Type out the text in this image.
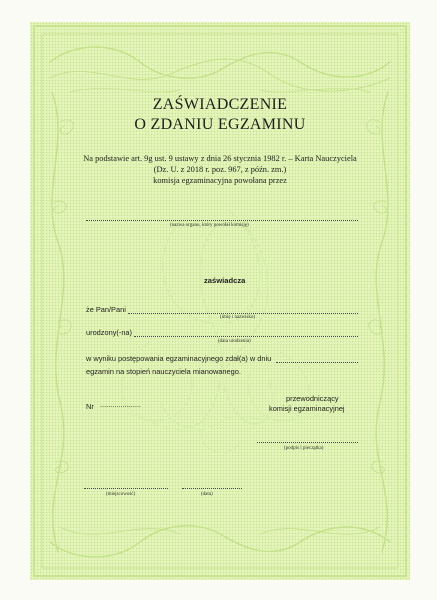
ZAŚWIADCZENIE
O ZDANIU EGZAMINU
Na podstawie art. 9g ust. 9 ustawy z dnia 26 stycznia 1982 r. – Karta Nauczyciela
(Dz. U. z 2018 r. poz. 967, z późn. zm.)
komisja egzaminacyjna powołana przez
(nazwa organu, który powołał komisję)
zaświadcza
że Pan/Pani
(imię i nazwisko)
urodzony(-na)
(data urodzenia)
w wyniku postępowania egzaminacyjnego zdał(a) w dniu
egzamin na stopień nauczyciela mianowanego.
Nr ....................
przewodniczący
komisji egzaminacyjnej
(podpis i pieczątka)
(miejscowość)	(data)
